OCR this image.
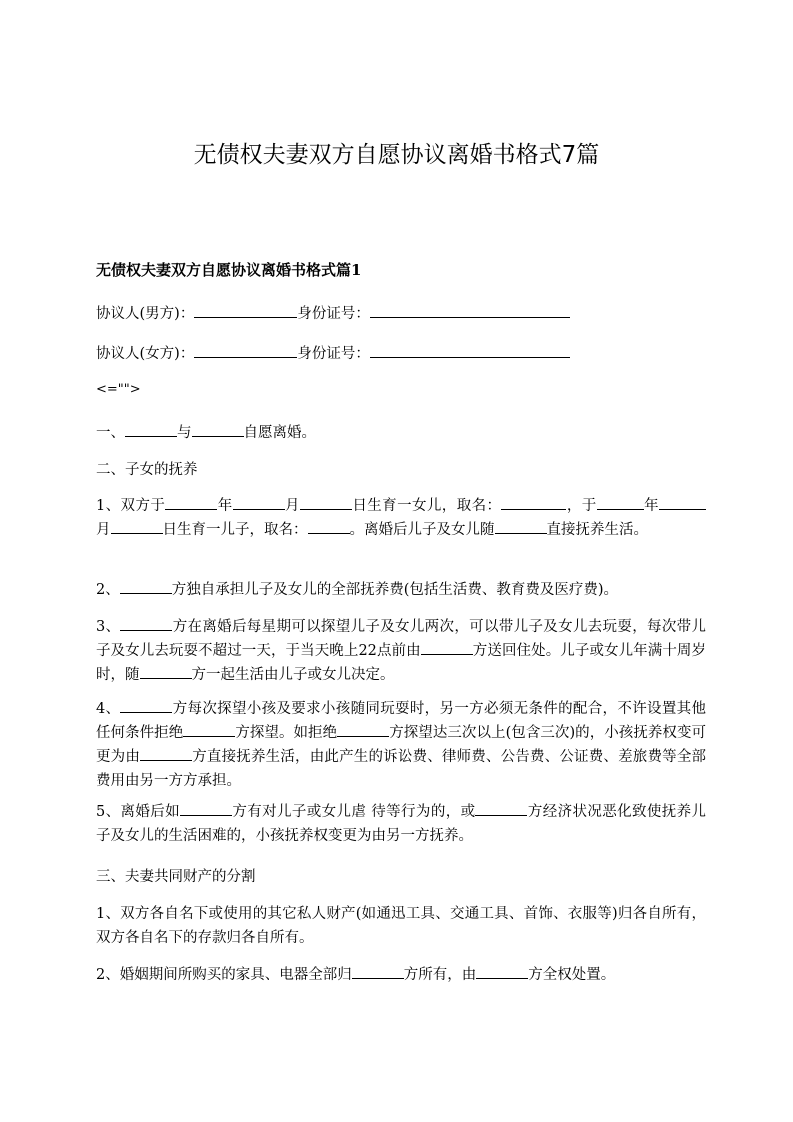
无债权夫妻双方自愿协议离婚书格式7篇
无债权夫妻双方自愿协议离婚书格式篇1
协议人(男方)：	身份证号：
协议人(女方)：	身份证号：
<="">
一、	与	自愿离婚。
二、子女的抚养
1、双方于	年	月	日生育一女儿，取名：	，于	年月	日生育一儿子，取名：	。离婚后儿子及女儿随	直接抚养生活。
2、	方独自承担儿子及女儿的全部抚养费(包括生活费、教育费及医疗费)。
3、	方在离婚后每星期可以探望儿子及女儿两次，可以带儿子及女儿去玩耍，每次带儿子及女儿去玩耍不超过一天，于当天晚上22点前由	方送回住处。儿子或女儿年满十周岁时，随	方一起生活由儿子或女儿决定。
4、	方每次探望小孩及要求小孩随同玩耍时，另一方必须无条件的配合，不许设置其他任何条件拒绝	方探望。如拒绝	方探望达三次以上(包含三次)的，小孩抚养权变可更为由	方直接抚养生活，由此产生的诉讼费、律师费、公告费、公证费、差旅费等全部费用由另一方方承担。
5、离婚后如	方有对儿子或女儿虐 待等行为的，或	方经济状况恶化致使抚养儿子及女儿的生活困难的，小孩抚养权变更为由另一方抚养。
三、夫妻共同财产的分割
1、双方各自名下或使用的其它私人财产(如通迅工具、交通工具、首饰、衣服等)归各自所有，双方各自名下的存款归各自所有。
2、婚姻期间所购买的家具、电器全部归	方所有，由	方全权处置。
